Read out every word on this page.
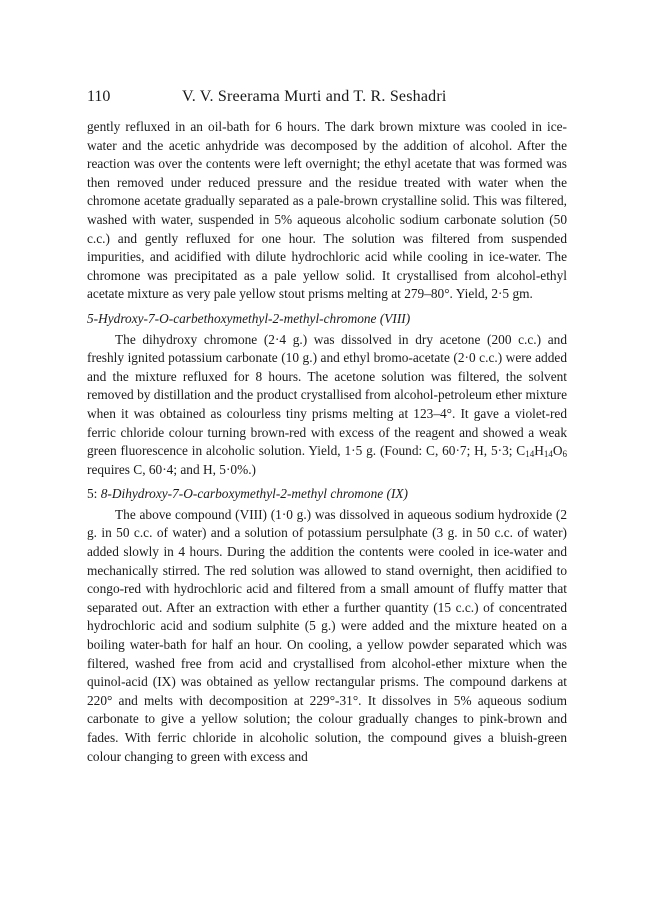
110	V. V. Sreerama Murti and T. R. Seshadri

gently refluxed in an oil-bath for 6 hours. The dark brown mixture was cooled in ice-water and the acetic anhydride was decomposed by the addition of alcohol. After the reaction was over the contents were left overnight; the ethyl acetate that was formed was then removed under reduced pressure and the residue treated with water when the chromone acetate gradually separated as a pale-brown crystalline solid. This was filtered, washed with water, suspended in 5% aqueous alcoholic sodium carbonate solution (50 c.c.) and gently refluxed for one hour. The solution was filtered from suspended impurities, and acidified with dilute hydrochloric acid while cooling in ice-water. The chromone was precipitated as a pale yellow solid. It crystallised from alcohol-ethyl acetate mixture as very pale yellow stout prisms melting at 279–80°. Yield, 2·5 gm.

5-Hydroxy-7-O-carbethoxymethyl-2-methyl-chromone (VIII)

The dihydroxy chromone (2·4 g.) was dissolved in dry acetone (200 c.c.) and freshly ignited potassium carbonate (10 g.) and ethyl bromo-acetate (2·0 c.c.) were added and the mixture refluxed for 8 hours. The acetone solution was filtered, the solvent removed by distillation and the product crystallised from alcohol-petroleum ether mixture when it was obtained as colourless tiny prisms melting at 123–4°. It gave a violet-red ferric chloride colour turning brown-red with excess of the reagent and showed a weak green fluorescence in alcoholic solution. Yield, 1·5 g. (Found: C, 60·7; H, 5·3; $C_{14}H_{14}O_6$ requires C, 60·4; and H, 5·0%.)

5: 8-Dihydroxy-7-O-carboxymethyl-2-methyl chromone (IX)

The above compound (VIII) (1·0 g.) was dissolved in aqueous sodium hydroxide (2 g. in 50 c.c. of water) and a solution of potassium persulphate (3 g. in 50 c.c. of water) added slowly in 4 hours. During the addition the contents were cooled in ice-water and mechanically stirred. The red solution was allowed to stand overnight, then acidified to congo-red with hydrochloric acid and filtered from a small amount of fluffy matter that separated out. After an extraction with ether a further quantity (15 c.c.) of concentrated hydrochloric acid and sodium sulphite (5 g.) were added and the mixture heated on a boiling water-bath for half an hour. On cooling, a yellow powder separated which was filtered, washed free from acid and crystallised from alcohol-ether mixture when the quinol-acid (IX) was obtained as yellow rectangular prisms. The compound darkens at 220° and melts with decomposition at 229°-31°. It dissolves in 5% aqueous sodium carbonate to give a yellow solution; the colour gradually changes to pink-brown and fades. With ferric chloride in alcoholic solution, the compound gives a bluish-green colour changing to green with excess and
